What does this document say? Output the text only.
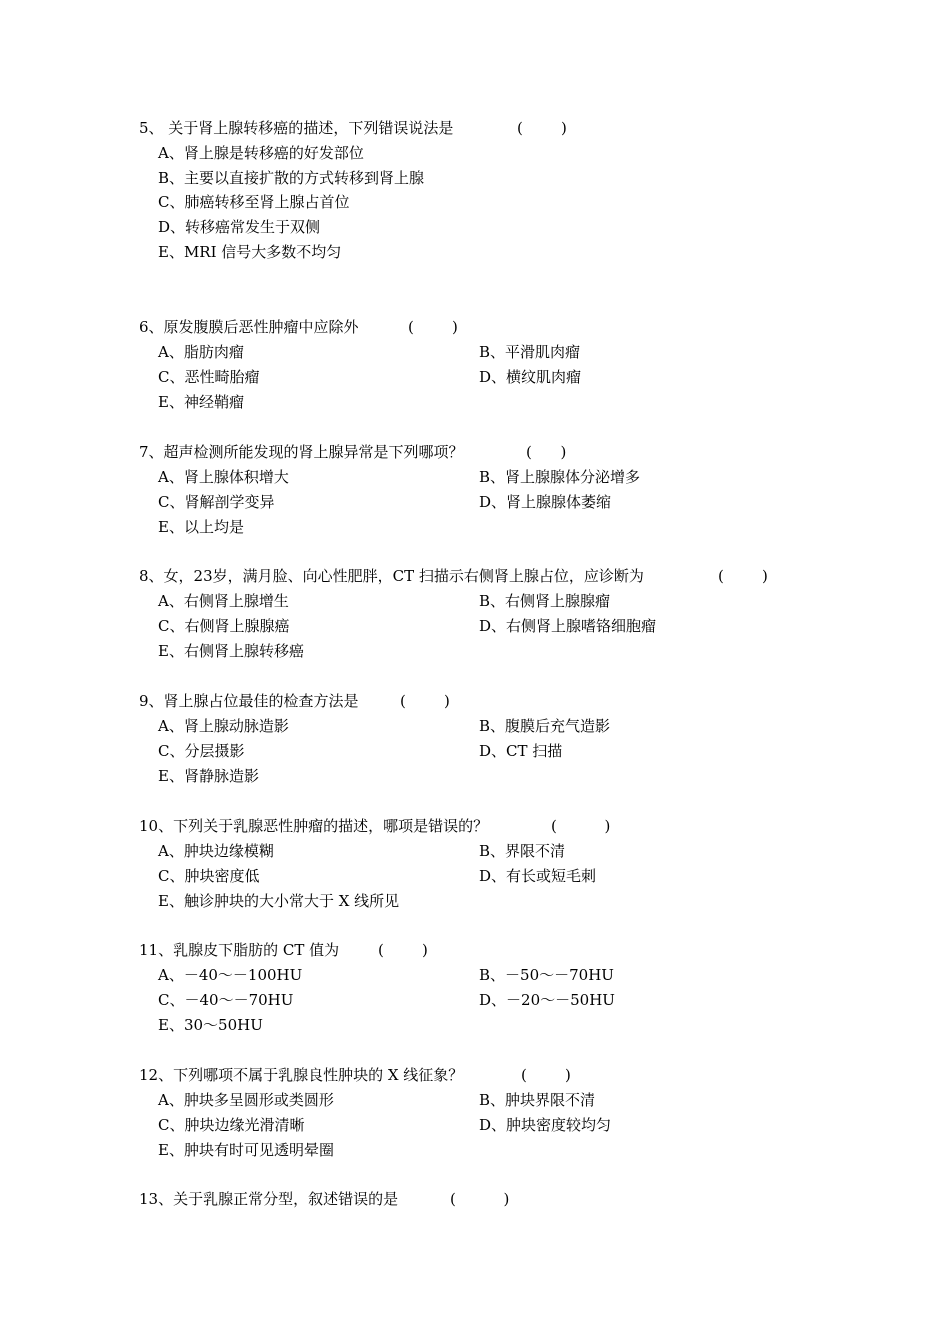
5、 关于肾上腺转移癌的描述，下列错误说法是	(        )
A、肾上腺是转移癌的好发部位
B、主要以直接扩散的方式转移到肾上腺
C、肺癌转移至肾上腺占首位
D、转移癌常发生于双侧
E、MRI 信号大多数不均匀
6、原发腹膜后恶性肿瘤中应除外	(        )
A、脂肪肉瘤	B、平滑肌肉瘤
C、恶性畸胎瘤	D、横纹肌肉瘤
E、神经鞘瘤
7、超声检测所能发现的肾上腺异常是下列哪项？	(      )
A、肾上腺体积增大	B、肾上腺腺体分泌增多
C、肾解剖学变异	D、肾上腺腺体萎缩
E、以上均是
8、女，23岁，满月脸、向心性肥胖，CT 扫描示右侧肾上腺占位，应诊断为	(        )
A、右侧肾上腺增生	B、右侧肾上腺腺瘤
C、右侧肾上腺腺癌	D、右侧肾上腺嗜铬细胞瘤
E、右侧肾上腺转移癌
9、肾上腺占位最佳的检查方法是	(        )
A、肾上腺动脉造影	B、腹膜后充气造影
C、分层摄影	D、CT 扫描
E、肾静脉造影
10、下列关于乳腺恶性肿瘤的描述，哪项是错误的？	(          )
A、肿块边缘模糊	B、界限不清
C、肿块密度低	D、有长或短毛刺
E、触诊肿块的大小常大于 X 线所见
11、乳腺皮下脂肪的 CT 值为	(        )
A、－40～－100HU	B、－50～－70HU
C、－40～－70HU	D、－20～－50HU
E、30～50HU
12、下列哪项不属于乳腺良性肿块的 X 线征象？	(        )
A、肿块多呈圆形或类圆形	B、肿块界限不清
C、肿块边缘光滑清晰	D、肿块密度较均匀
E、肿块有时可见透明晕圈
13、关于乳腺正常分型，叙述错误的是	(          )
